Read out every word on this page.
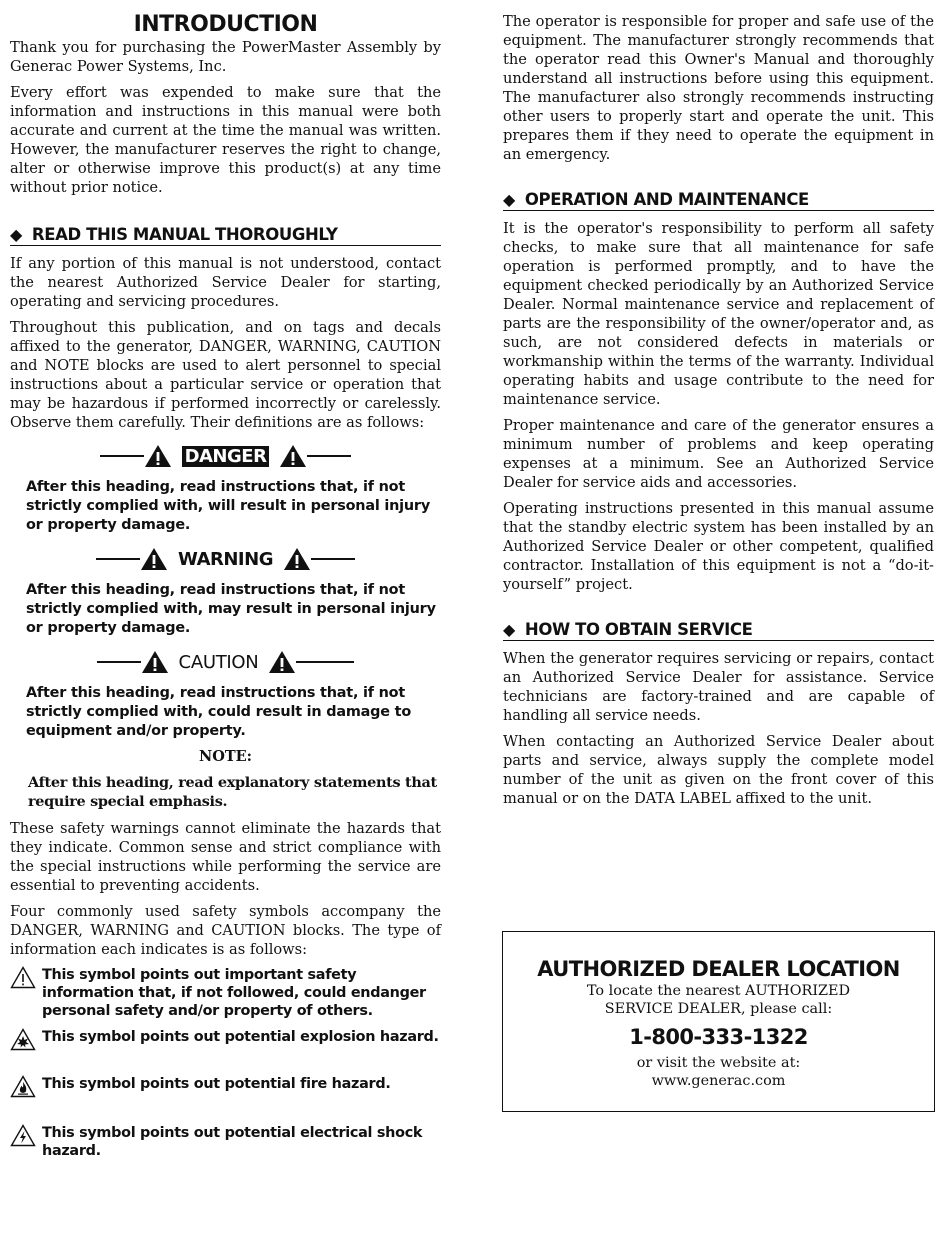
INTRODUCTION

Thank you for purchasing the PowerMaster Assembly by Generac Power Systems, Inc.

Every effort was expended to make sure that the information and instructions in this manual were both accurate and current at the time the manual was written. However, the manufacturer reserves the right to change, alter or otherwise improve this product(s) at any time without prior notice.

◆ READ THIS MANUAL THOROUGHLY

If any portion of this manual is not understood, contact the nearest Authorized Service Dealer for starting, operating and servicing procedures.

Throughout this publication, and on tags and decals affixed to the generator, DANGER, WARNING, CAUTION and NOTE blocks are used to alert personnel to special instructions about a particular service or operation that may be hazardous if performed incorrectly or carelessly. Observe them carefully. Their definitions are as follows:

DANGER
After this heading, read instructions that, if not strictly complied with, will result in personal injury or property damage.
WARNING
After this heading, read instructions that, if not strictly complied with, may result in personal injury or property damage.
CAUTION
After this heading, read instructions that, if not strictly complied with, could result in damage to equipment and/or property.
NOTE:
After this heading, read explanatory statements that require special emphasis.

These safety warnings cannot eliminate the hazards that they indicate. Common sense and strict compliance with the special instructions while performing the service are essential to preventing accidents.

Four commonly used safety symbols accompany the DANGER, WARNING and CAUTION blocks. The type of information each indicates is as follows:

This symbol points out important safety information that, if not followed, could endanger personal safety and/or property of others.
This symbol points out potential explosion hazard.
This symbol points out potential fire hazard.
This symbol points out potential electrical shock hazard.

The operator is responsible for proper and safe use of the equipment. The manufacturer strongly recommends that the operator read this Owner's Manual and thoroughly understand all instructions before using this equipment. The manufacturer also strongly recommends instructing other users to properly start and operate the unit. This prepares them if they need to operate the equipment in an emergency.

◆ OPERATION AND MAINTENANCE

It is the operator's responsibility to perform all safety checks, to make sure that all maintenance for safe operation is performed promptly, and to have the equipment checked periodically by an Authorized Service Dealer. Normal maintenance service and replacement of parts are the responsibility of the owner/operator and, as such, are not considered defects in materials or workmanship within the terms of the warranty. Individual operating habits and usage contribute to the need for maintenance service.

Proper maintenance and care of the generator ensures a minimum number of problems and keep operating expenses at a minimum. See an Authorized Service Dealer for service aids and accessories.

Operating instructions presented in this manual assume that the standby electric system has been installed by an Authorized Service Dealer or other competent, qualified contractor. Installation of this equipment is not a “do-it-yourself” project.

◆ HOW TO OBTAIN SERVICE

When the generator requires servicing or repairs, contact an Authorized Service Dealer for assistance. Service technicians are factory-trained and are capable of handling all service needs.

When contacting an Authorized Service Dealer about parts and service, always supply the complete model number of the unit as given on the front cover of this manual or on the DATA LABEL affixed to the unit.

AUTHORIZED DEALER LOCATION
To locate the nearest AUTHORIZED
SERVICE DEALER, please call:
1-800-333-1322
or visit the website at:
www.generac.com
